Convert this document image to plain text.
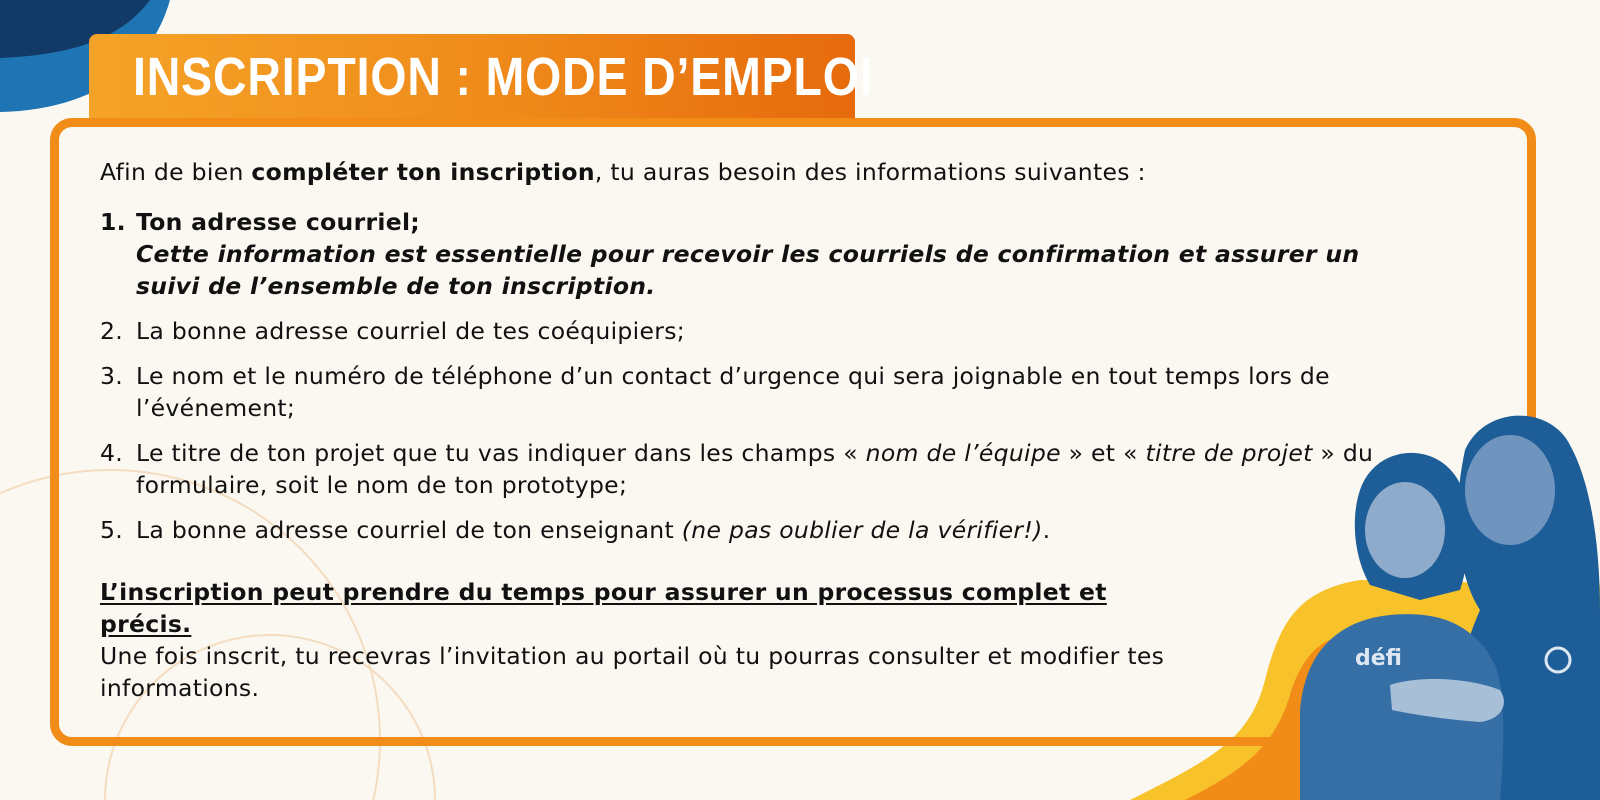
INSCRIPTION : MODE D’EMPLOI

Afin de bien compléter ton inscription, tu auras besoin des informations suivantes :

1. Ton adresse courriel;
Cette information est essentielle pour recevoir les courriels de confirmation et assurer un suivi de l’ensemble de ton inscription.
2. La bonne adresse courriel de tes coéquipiers;
3. Le nom et le numéro de téléphone d’un contact d’urgence qui sera joignable en tout temps lors de l’événement;
4. Le titre de ton projet que tu vas indiquer dans les champs « nom de l’équipe » et « titre de projet » du formulaire, soit le nom de ton prototype;
5. La bonne adresse courriel de ton enseignant (ne pas oublier de la vérifier!).
L’inscription peut prendre du temps pour assurer un processus complet et précis.
Une fois inscrit, tu recevras l’invitation au portail où tu pourras consulter et modifier tes informations.
défi
